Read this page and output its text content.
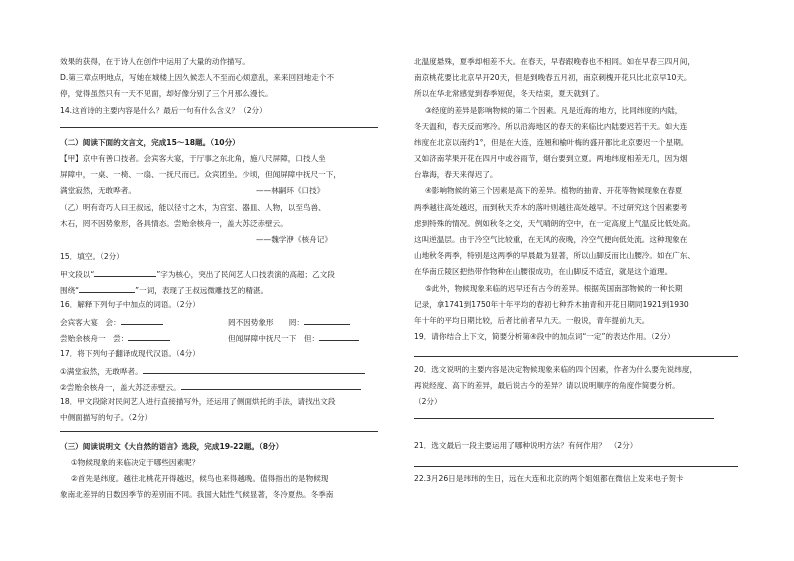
效果的获得，在于诗人在创作中运用了大量的动作描写。
D.第三章点明地点，写她在城楼上因久候恋人不至而心烦意乱，来来回回地走个不
停，觉得虽然只有一天不见面，却好像分别了三个月那么漫长。
14.这首诗的主要内容是什么？最后一句有什么含义？（2分）
（二）阅读下面的文言文，完成15～18题。（10分）
【甲】京中有善口技者。会宾客大宴，于厅事之东北角，施八尺屏障，口技人坐
屏障中，一桌、一椅、一扇、一抚尺而已。众宾团坐。少顷，但闻屏障中抚尺一下，
满堂寂然，无敢哗者。	——林嗣环《口技》
（乙）明有奇巧人曰王叔远，能以径寸之木，为宫室、器皿、人物，以至鸟兽、
木石，罔不因势象形，各具情态。尝贻余核舟一，盖大苏泛赤壁云。
——魏学洢《核舟记》
15．填空。（2分）
甲文段以“	”字为核心，突出了民间艺人口技表演的高超；乙文段
围绕“	”一词，表现了王叔远微雕技艺的精湛。
16．解释下列句子中加点的词语。（2分）
会宾客大宴　会：	罔不因势象形　　罔：
尝贻余核舟一　尝：	但闻屏障中抚尺一下　但：
17．将下列句子翻译成现代汉语。（4分）
①满堂寂然，无敢哗者。
②尝贻余核舟一，盖大苏泛赤壁云。
18．甲文段除对民间艺人进行直接描写外，还运用了侧面烘托的手法，请找出文段
中侧面描写的句子。（2分）
（三）阅读说明文《大自然的语言》选段，完成19-22题。（8分）
①物候现象的来临决定于哪些因素呢？
②首先是纬度。越往北桃花开得越迟，候鸟也来得越晚。值得指出的是物候现
象南北差异的日数因季节的差别而不同。我国大陆性气候显著，冬冷夏热。冬季南
北温度悬殊，夏季却相差不大。在春天，早春跟晚春也不相同。如在早春三四月间，
南京桃花要比北京早开20天，但是到晚春五月初，南京刺槐开花只比北京早10天。
所以在华北常感觉到春季短促，冬天结束，夏天就到了。
③经度的差异是影响物候的第二个因素。凡是近海的地方，比同纬度的内陆，
冬天温和，春天反而寒冷。所以沿海地区的春天的来临比内陆要迟若干天。如大连
纬度在北京以南约1°，但是在大连，连翘和榆叶梅的盛开都比北京要迟一个星期。
又如济南苹果开花在四月中或谷雨节，烟台要到立夏。两地纬度相差无几，因为烟
台靠海，春天来得迟了。
④影响物候的第三个因素是高下的差异。植物的抽青、开花等物候现象在春夏
两季越往高处越迟，而到秋天乔木的落叶则越往高处越早。不过研究这个因素要考
虑到特殊的情况。例如秋冬之交，天气晴朗的空中，在一定高度上气温反比低处高。
这叫逆温层。由于冷空气比较重，在无风的夜晚，冷空气便向低处流。这种现象在
山地秋冬两季，特别是这两季的早晨最为显著，所以山脚反而比山腰冷。如在广东、
在华南丘陵区把热带作物种在山腰很成功，在山脚反不适宜，就是这个道理。
⑤此外，物候现象来临的迟早还有古今的差异。根据英国南部物候的一种长期
记录，拿1741到1750年十年平均的春初七种乔木抽青和开花日期同1921到1930
年十年的平均日期比较，后者比前者早九天。一般说，青年提前九天。
19．请你结合上下文，简要分析第④段中的加点词“一定”的表达作用。（2分）
20．选文说明的主要内容是决定物候现象来临的四个因素，作者为什么要先说纬度，
再说经度、高下的差异，最后说古今的差异？请以说明顺序的角度作简要分析。
（2分）
21．选文最后一段主要运用了哪种说明方法？有何作用？　（2分）
22.3月26日是玮玮的生日，远在大连和北京的两个姐姐都在微信上发来电子贺卡
